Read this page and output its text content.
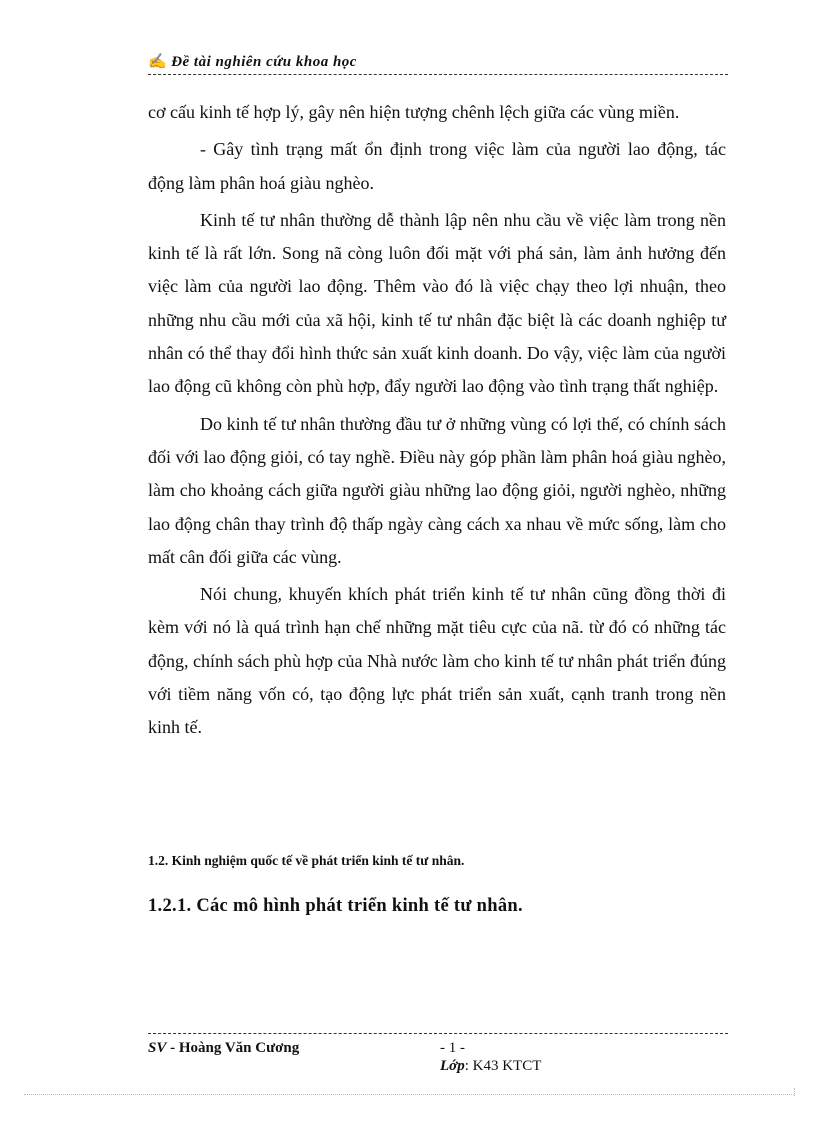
✍ Đề tài nghiên cứu khoa học

cơ cấu kinh tế hợp lý, gây nên hiện tượng chênh lệch giữa các vùng miền.

- Gây tình trạng mất ổn định trong việc làm của người lao động, tác động làm phân hoá giàu nghèo.

Kinh tế tư nhân thường dễ thành lập nên nhu cầu về việc làm trong nền kinh tế là rất lớn. Song nã còng luôn đối mặt với phá sản, làm ảnh hưởng đến việc làm của người lao động. Thêm vào đó là việc chạy theo lợi nhuận, theo những nhu cầu mới của xã hội, kinh tế tư nhân đặc biệt là các doanh nghiệp tư nhân có thể thay đổi hình thức sản xuất kinh doanh. Do vậy, việc làm của người lao động cũ không còn phù hợp, đẩy người lao động vào tình trạng thất nghiệp.

Do kinh tế tư nhân thường đầu tư ở những vùng có lợi thế, có chính sách đối với lao động giỏi, có tay nghề. Điều này góp phần làm phân hoá giàu nghèo, làm cho khoảng cách giữa người giàu những lao động giỏi, người nghèo, những lao động chân thay trình độ thấp ngày càng cách xa nhau về mức sống, làm cho mất cân đối giữa các vùng.

Nói chung, khuyến khích phát triển kinh tế tư nhân cũng đồng thời đi kèm với nó là quá trình hạn chế những mặt tiêu cực của nã. từ đó có những tác động, chính sách phù hợp của Nhà nước làm cho kinh tế tư nhân phát triển đúng với tiềm năng vốn có, tạo động lực phát triển sản xuất, cạnh tranh trong nền kinh tế.

1.2. Kinh nghiệm quốc tế về phát triển kinh tế tư nhân.
1.2.1. Các mô hình phát triển kinh tế tư nhân.
SV - Hoàng Văn Cương	- 1 -
Lớp: K43 KTCT
